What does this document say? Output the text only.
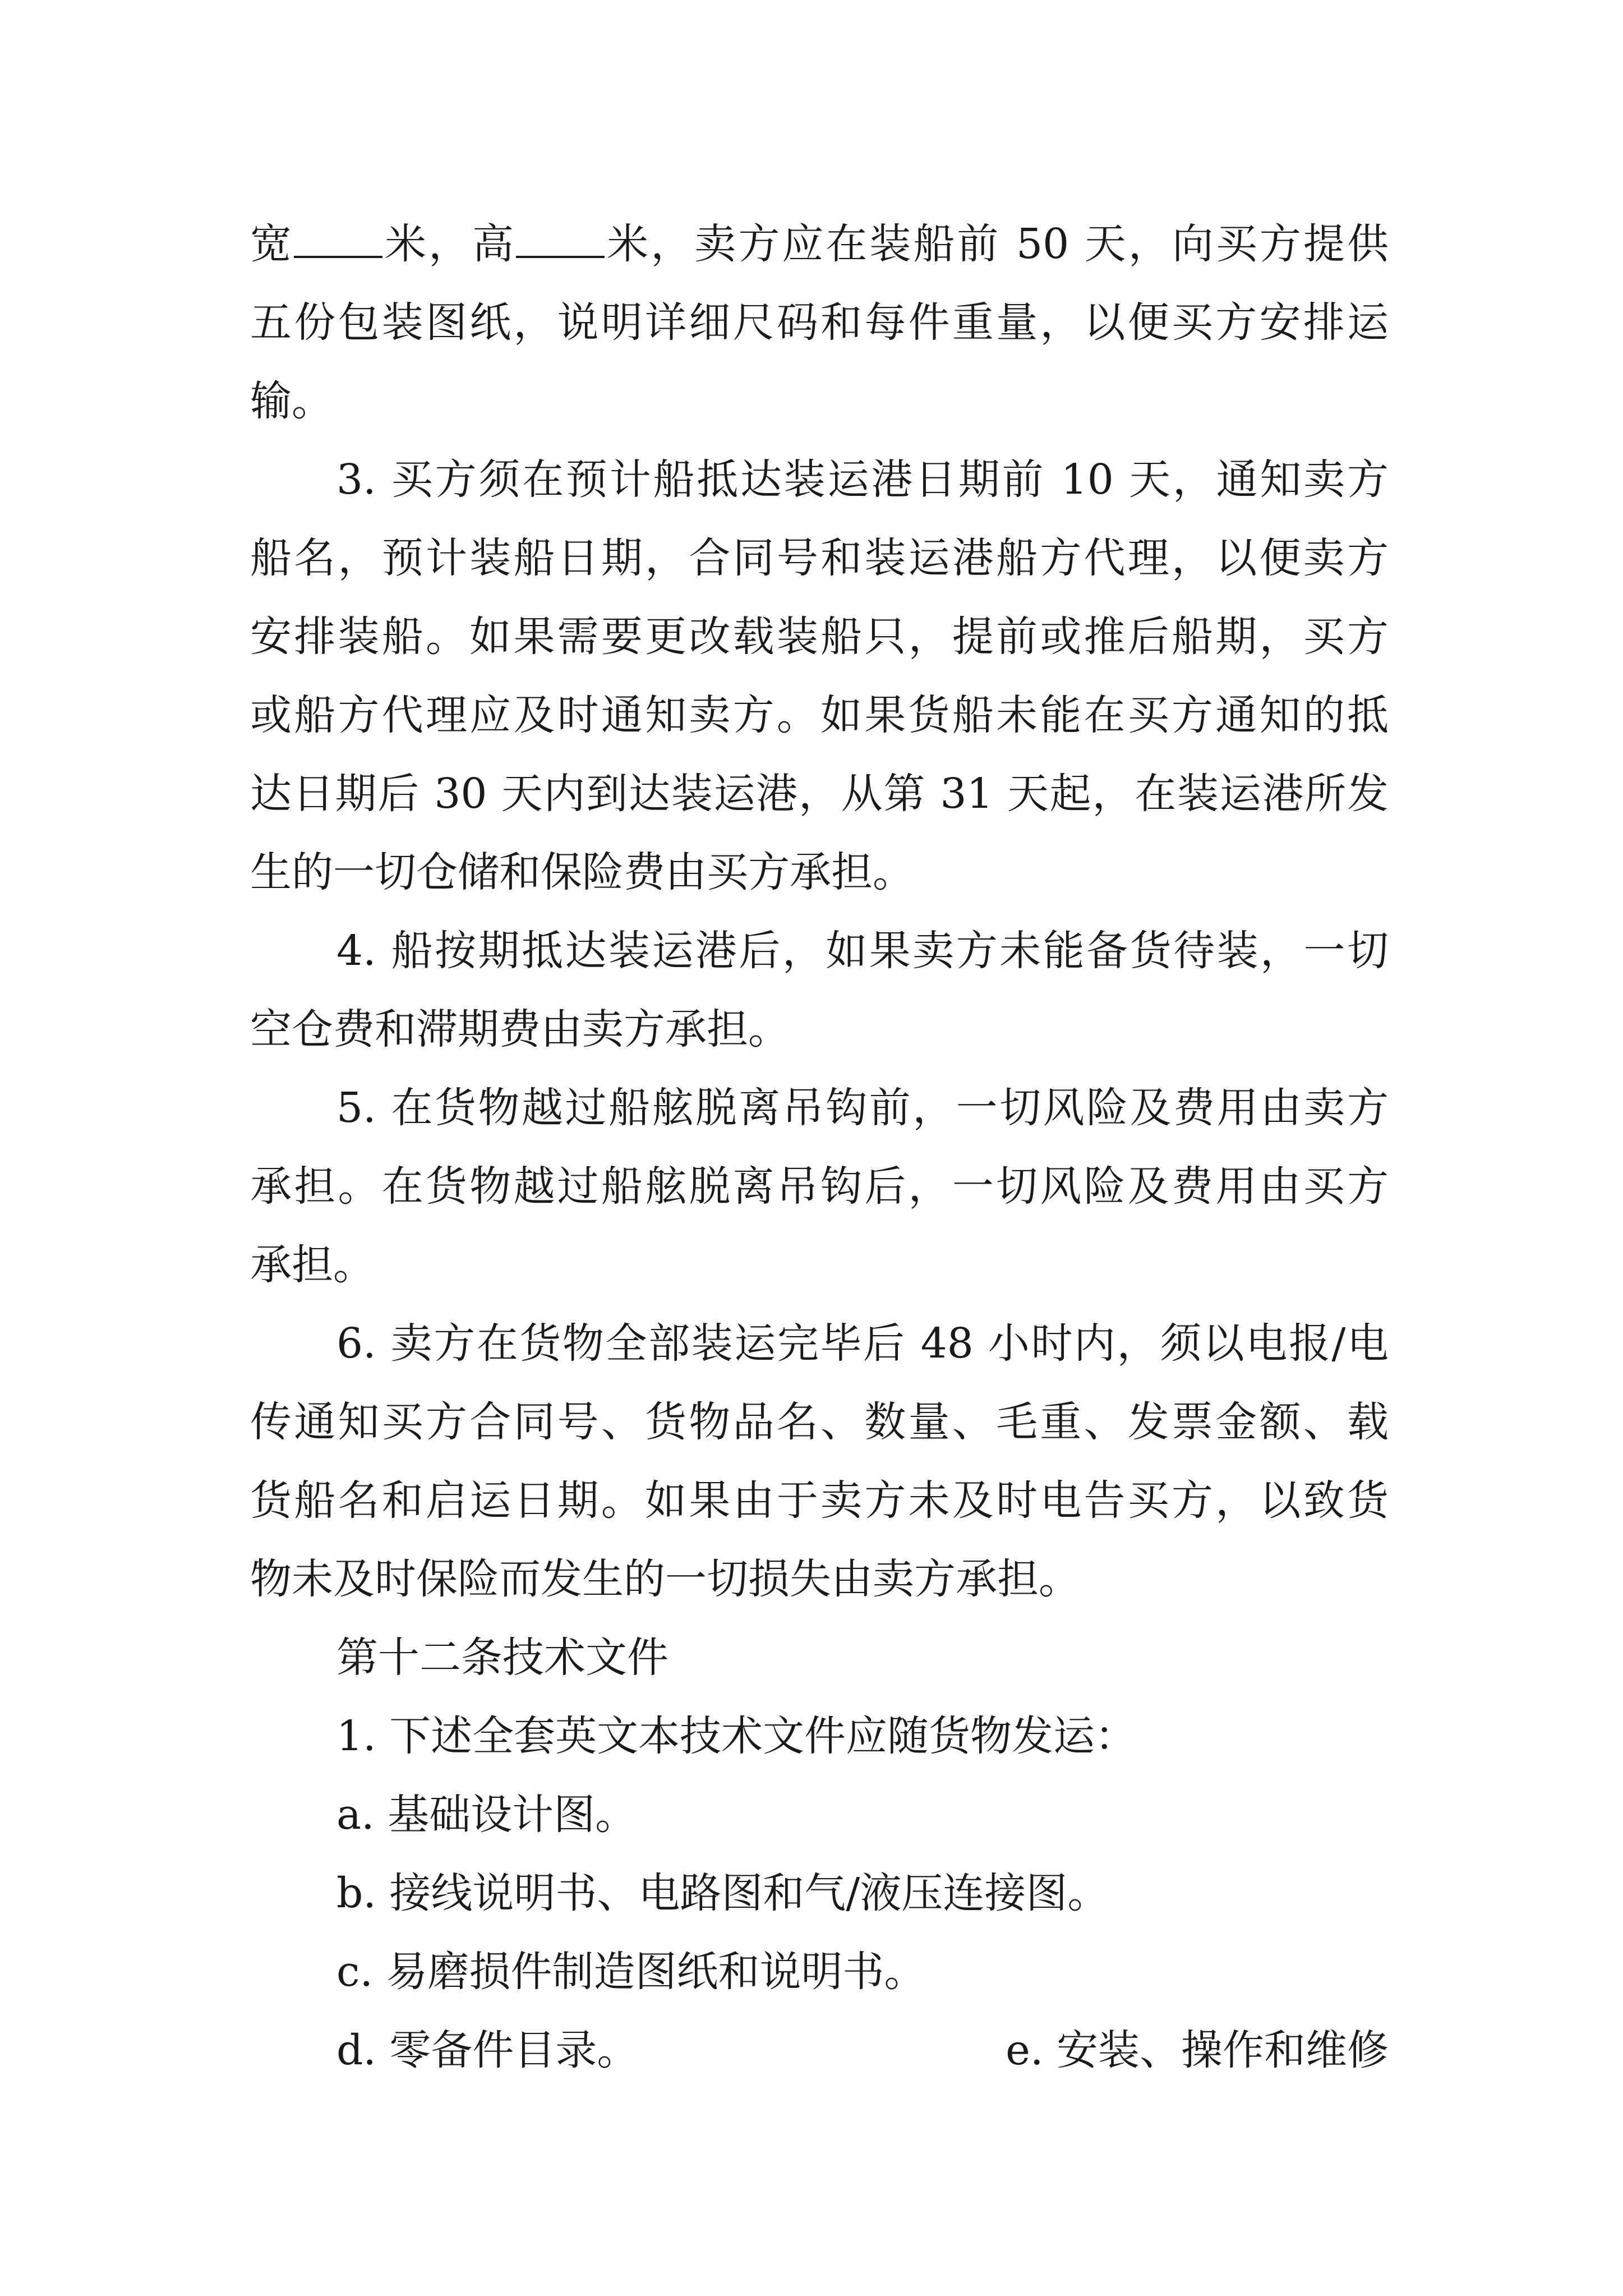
宽 米，高 米，卖方应在装船前 50 天，向买方提供
五份包装图纸，说明详细尺码和每件重量，以便买方安排运
输。
3. 买方须在预计船抵达装运港日期前 10 天，通知卖方
船名，预计装船日期，合同号和装运港船方代理，以便卖方
安排装船。如果需要更改载装船只，提前或推后船期，买方
或船方代理应及时通知卖方。如果货船未能在买方通知的抵
达日期后 30 天内到达装运港，从第 31 天起，在装运港所发
生的一切仓储和保险费由买方承担。
4. 船按期抵达装运港后，如果卖方未能备货待装，一切
空仓费和滞期费由卖方承担。
5. 在货物越过船舷脱离吊钩前，一切风险及费用由卖方
承担。在货物越过船舷脱离吊钩后，一切风险及费用由买方
承担。
6. 卖方在货物全部装运完毕后 48 小时内，须以电报/电
传通知买方合同号、货物品名、数量、毛重、发票金额、载
货船名和启运日期。如果由于卖方未及时电告买方，以致货
物未及时保险而发生的一切损失由卖方承担。
第十二条技术文件
1. 下述全套英文本技术文件应随货物发运：
a. 基础设计图。
b. 接线说明书、电路图和气/液压连接图。
c. 易磨损件制造图纸和说明书。
d. 零备件目录。	e. 安装、操作和维修
